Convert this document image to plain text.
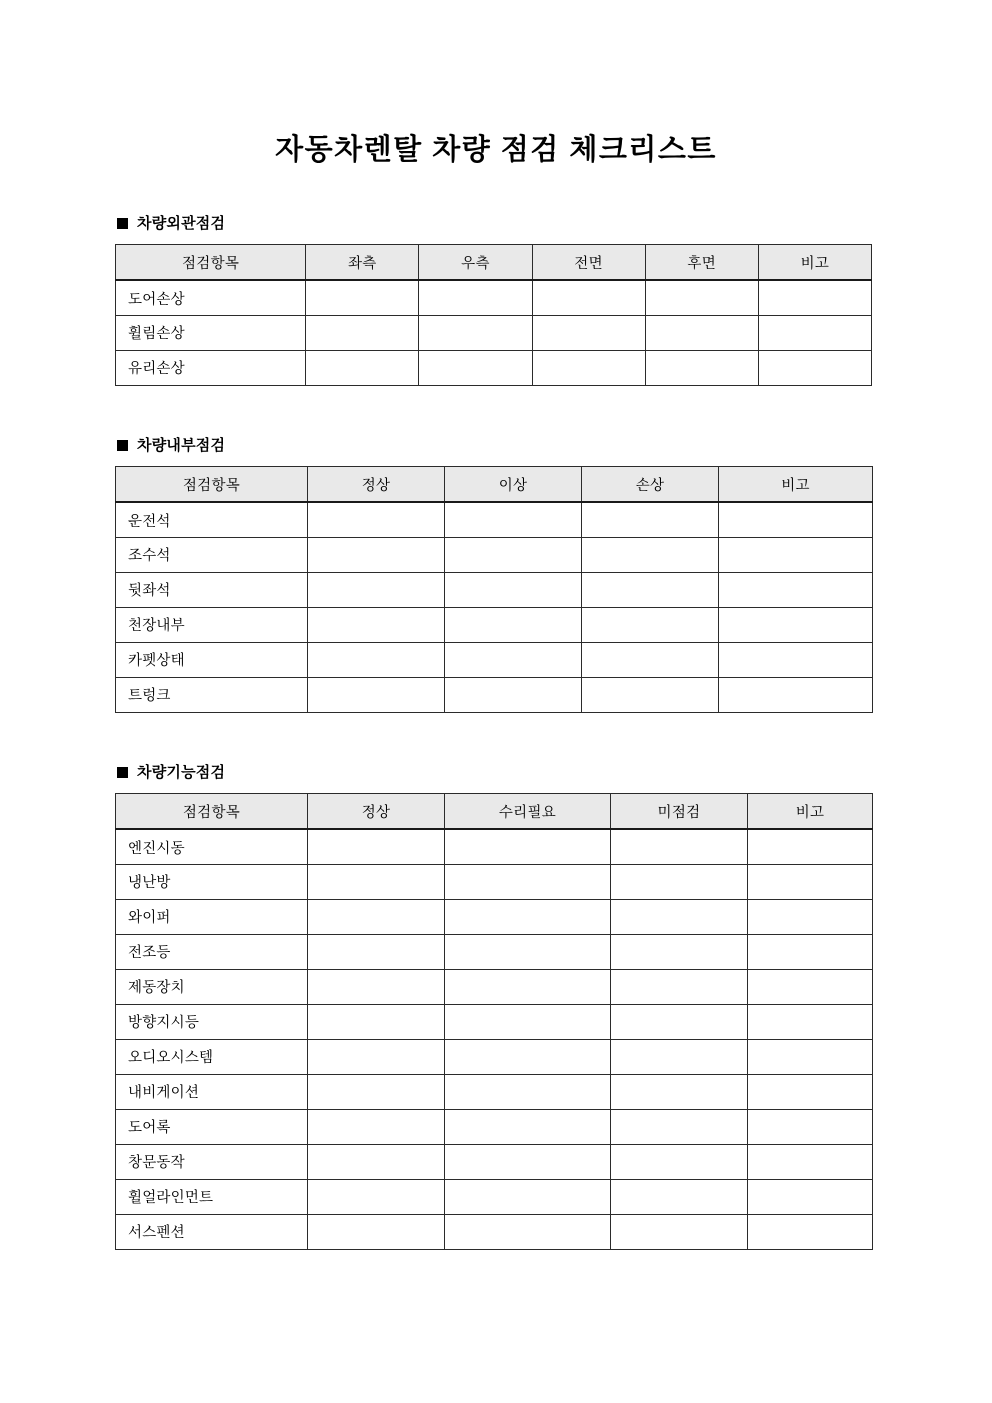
자동차렌탈 차량 점검 체크리스트
차량외관점검
점검항목	좌측	우측	전면	후면	비고
도어손상					
휠림손상					
유리손상					
차량내부점검
점검항목	정상	이상	손상	비고
운전석				
조수석				
뒷좌석				
천장내부				
카펫상태				
트렁크				
차량기능점검
점검항목	정상	수리필요	미점검	비고
엔진시동				
냉난방				
와이퍼				
전조등				
제동장치				
방향지시등				
오디오시스템				
내비게이션				
도어록				
창문동작				
휠얼라인먼트				
서스펜션				
